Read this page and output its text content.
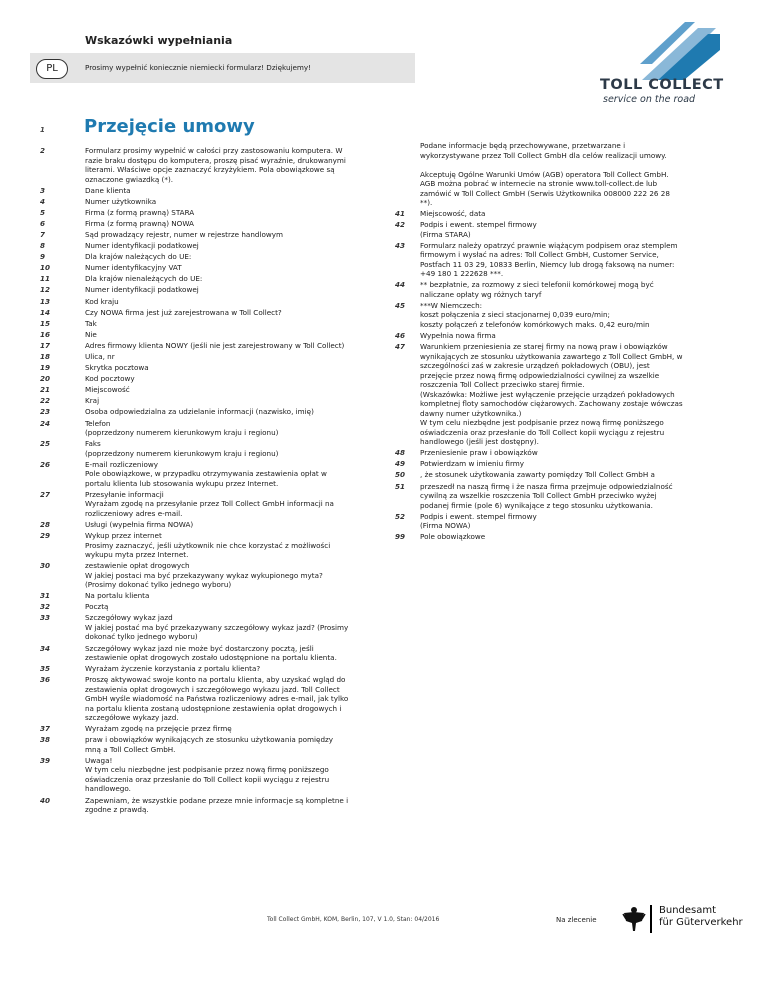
Wskazówki wypełniania
PL	Prosimy wypełnić koniecznie niemiecki formularz! Dziękujemy!
TOLL COLLECT
service on the road
1 Przejęcie umowy
2	Formularz prosimy wypełnić w całości przy zastosowaniu komputera. W
razie braku dostępu do komputera, proszę pisać wyraźnie, drukowanymi
literami. Właściwe opcje zaznaczyć krzyżykiem. Pola obowiązkowe są
oznaczone gwiazdką (*).
3	Dane klienta
4	Numer użytkownika
5	Firma (z formą prawną) STARA
6	Firma (z formą prawną) NOWA
7	Sąd prowadzący rejestr, numer w rejestrze handlowym
8	Numer identyfikacji podatkowej
9	Dla krajów należących do UE:
10	Numer identyfikacyjny VAT
11	Dla krajów nienależących do UE:
12	Numer identyfikacji podatkowej
13	Kod kraju
14	Czy NOWA firma jest już zarejestrowana w Toll Collect?
15	Tak
16	Nie
17	Adres firmowy klienta NOWY (jeśli nie jest zarejestrowany w Toll Collect)
18	Ulica, nr
19	Skrytka pocztowa
20	Kod pocztowy
21	Miejscowość
22	Kraj
23	Osoba odpowiedzialna za udzielanie informacji (nazwisko, imię)
24	Telefon
(poprzedzony numerem kierunkowym kraju i regionu)
25	Faks
(poprzedzony numerem kierunkowym kraju i regionu)
26	E-mail rozliczeniowy
Pole obowiązkowe, w przypadku otrzymywania zestawienia opłat w
portalu klienta lub stosowania wykupu przez Internet.
27	Przesyłanie informacji
Wyrażam zgodę na przesyłanie przez Toll Collect GmbH informacji na
rozliczeniowy adres e-mail.
28	Usługi (wypełnia firma NOWA)
29	Wykup przez internet
Prosimy zaznaczyć, jeśli użytkownik nie chce korzystać z możliwości
wykupu myta przez Internet.
30	zestawienie opłat drogowych
W jakiej postaci ma być przekazywany wykaz wykupionego myta?
(Prosimy dokonać tylko jednego wyboru)
31	Na portalu klienta
32	Pocztą
33	Szczegółowy wykaz jazd
W jakiej postać ma być przekazywany szczegółowy wykaz jazd? (Prosimy
dokonać tylko jednego wyboru)
34	Szczegółowy wykaz jazd nie może być dostarczony pocztą, jeśli
zestawienie opłat drogowych zostało udostępnione na portalu klienta.
35	Wyrażam życzenie korzystania z portalu klienta?
36	Proszę aktywować swoje konto na portalu klienta, aby uzyskać wgląd do
zestawienia opłat drogowych i szczegółowego wykazu jazd. Toll Collect
GmbH wyśle wiadomość na Państwa rozliczeniowy adres e-mail, jak tylko
na portalu klienta zostaną udostępnione zestawienia opłat drogowych i
szczegółowe wykazy jazd.
37	Wyrażam zgodę na przejęcie przez firmę
38	praw i obowiązków wynikających ze stosunku użytkowania pomiędzy
mną a Toll Collect GmbH.
39	Uwaga!
W tym celu niezbędne jest podpisanie przez nową firmę poniższego
oświadczenia oraz przesłanie do Toll Collect kopii wyciągu z rejestru
handlowego.
40	Zapewniam, że wszystkie podane przeze mnie informacje są kompletne i
zgodne z prawdą.
Podane informacje będą przechowywane, przetwarzane i
wykorzystywane przez Toll Collect GmbH dla celów realizacji umowy.

Akceptuję Ogólne Warunki Umów (AGB) operatora Toll Collect GmbH.
AGB można pobrać w internecie na stronie www.toll-collect.de lub
zamówić w Toll Collect GmbH (Serwis Użytkownika 008000 222 26 28
**).
41	Miejscowość, data
42	Podpis i ewent. stempel firmowy
(Firma STARA)
43	Formularz należy opatrzyć prawnie wiążącym podpisem oraz stemplem
firmowym i wysłać na adres: Toll Collect GmbH, Customer Service,
Postfach 11 03 29, 10833 Berlin, Niemcy lub drogą faksową na numer:
+49 180 1 222628 ***.
44	** bezpłatnie, za rozmowy z sieci telefonii komórkowej mogą być
naliczane opłaty wg różnych taryf
45	***W Niemczech:
koszt połączenia z sieci stacjonarnej 0,039 euro/min;
koszty połączeń z telefonów komórkowych maks. 0,42 euro/min
46	Wypełnia nowa firma
47	Warunkiem przeniesienia ze starej firmy na nową praw i obowiązków
wynikających ze stosunku użytkowania zawartego z Toll Collect GmbH, w
szczególności zaś w zakresie urządzeń pokładowych (OBU), jest
przejęcie przez nową firmę odpowiedzialności cywilnej za wszelkie
roszczenia Toll Collect przeciwko starej firmie.
(Wskazówka: Możliwe jest wyłączenie przejęcie urządzeń pokładowych
kompletnej floty samochodów ciężarowych. Zachowany zostaje wówczas
dawny numer użytkownika.)
W tym celu niezbędne jest podpisanie przez nową firmę poniższego
oświadczenia oraz przesłanie do Toll Collect kopii wyciągu z rejestru
handlowego (jeśli jest dostępny).
48	Przeniesienie praw i obowiązków
49	Potwierdzam w imieniu firmy
50	, że stosunek użytkowania zawarty pomiędzy Toll Collect GmbH a
51	przeszedł na naszą firmę i że nasza firma przejmuje odpowiedzialność
cywilną za wszelkie roszczenia Toll Collect GmbH przeciwko wyżej
podanej firmie (pole 6) wynikające z tego stosunku użytkowania.
52	Podpis i ewent. stempel firmowy
(Firma NOWA)
99	Pole obowiązkowe
Toll Collect GmbH, KOM, Berlin, 107, V 1.0, Stan: 04/2016	Na zlecenie
Bundesamt
für Güterverkehr
